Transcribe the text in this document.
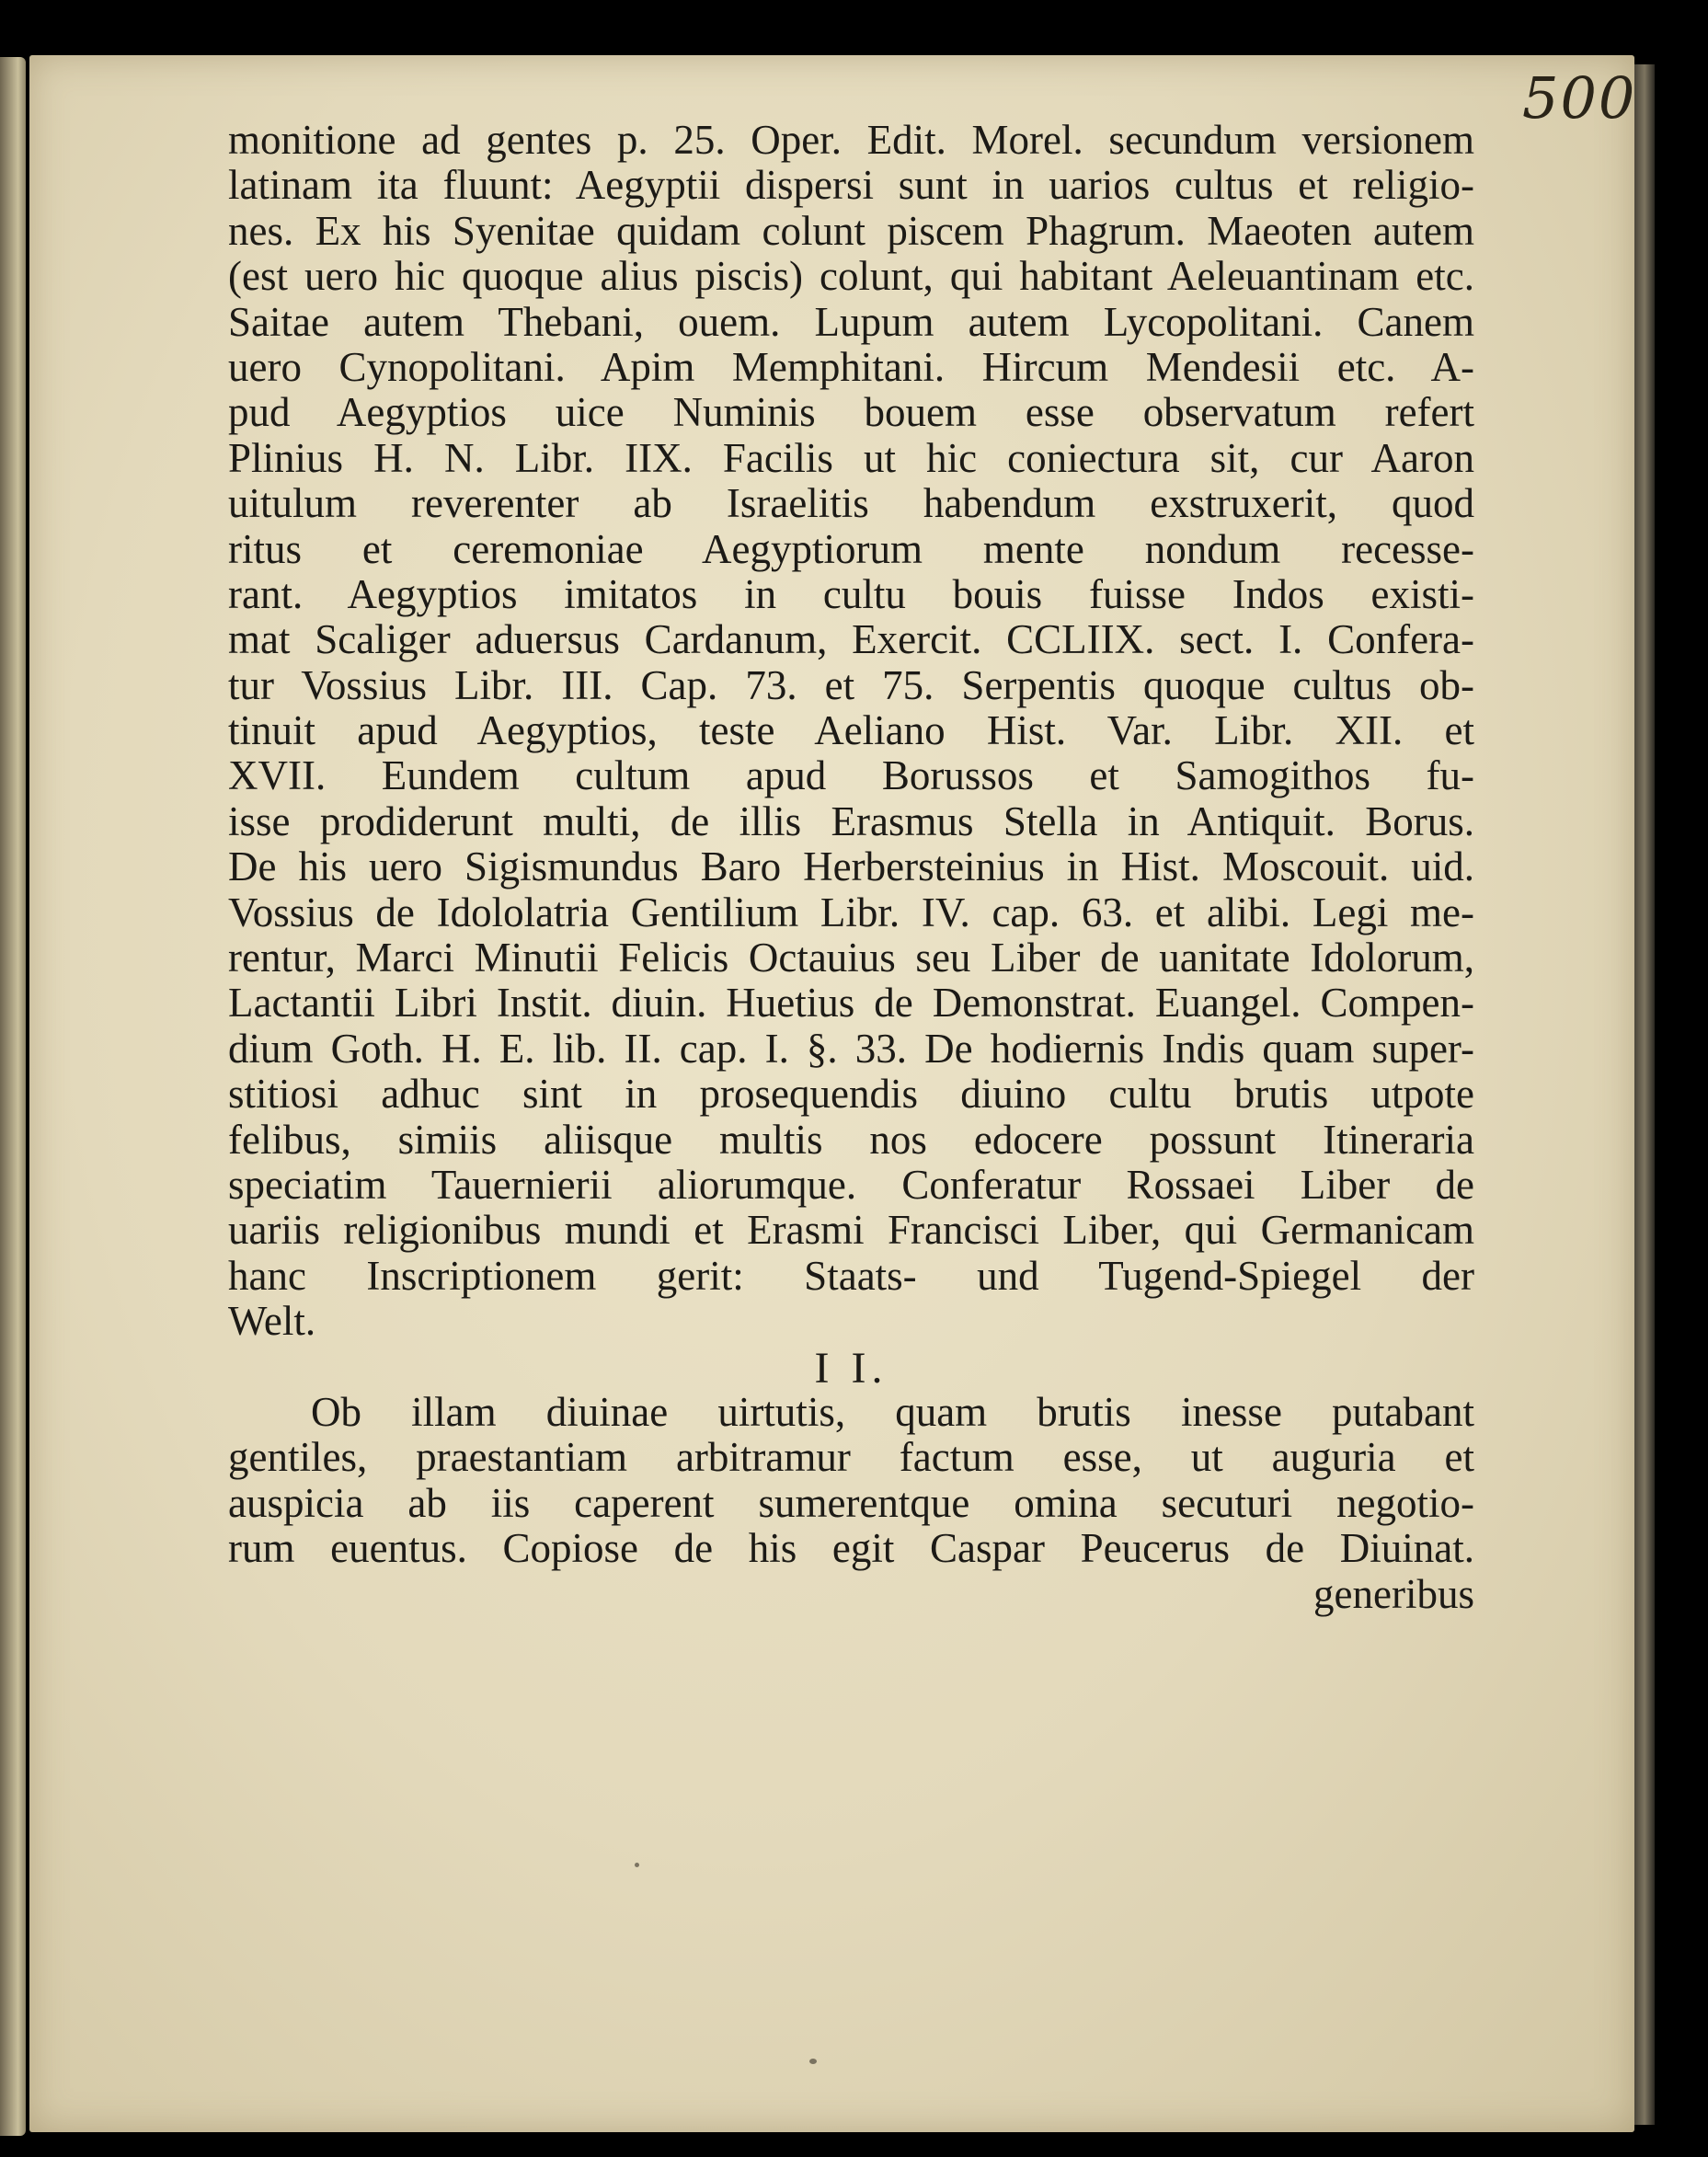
500
monitione ad gentes p. 25. Oper. Edit. Morel. secundum versionem
latinam ita fluunt: Aegyptii dispersi sunt in uarios cultus et religio-
nes. Ex his Syenitae quidam colunt piscem Phagrum. Maeoten autem
(est uero hic quoque alius piscis) colunt, qui habitant Aeleuantinam etc.
Saitae autem Thebani, ouem. Lupum autem Lycopolitani. Canem
uero Cynopolitani. Apim Memphitani. Hircum Mendesii etc. A-
pud Aegyptios uice Numinis bouem esse observatum refert
Plinius H. N. Libr. IIX. Facilis ut hic coniectura sit, cur Aaron
uitulum reverenter ab Israelitis habendum exstruxerit, quod
ritus et ceremoniae Aegyptiorum mente nondum recesse-
rant. Aegyptios imitatos in cultu bouis fuisse Indos existi-
mat Scaliger aduersus Cardanum, Exercit. CCLIIX. sect. I. Confera-
tur Vossius Libr. III. Cap. 73. et 75. Serpentis quoque cultus ob-
tinuit apud Aegyptios, teste Aeliano Hist. Var. Libr. XII. et
XVII. Eundem cultum apud Borussos et Samogithos fu-
isse prodiderunt multi, de illis Erasmus Stella in Antiquit. Borus.
De his uero Sigismundus Baro Herbersteinius in Hist. Moscouit. uid.
Vossius de Idololatria Gentilium Libr. IV. cap. 63. et alibi. Legi me-
rentur, Marci Minutii Felicis Octauius seu Liber de uanitate Idolorum,
Lactantii Libri Instit. diuin. Huetius de Demonstrat. Euangel. Compen-
dium Goth. H. E. lib. II. cap. I. §. 33. De hodiernis Indis quam super-
stitiosi adhuc sint in prosequendis diuino cultu brutis utpote
felibus, simiis aliisque multis nos edocere possunt Itineraria
speciatim Tauernierii aliorumque. Conferatur Rossaei Liber de
uariis religionibus mundi et Erasmi Francisci Liber, qui Germanicam
hanc Inscriptionem gerit: Staats- und Tugend-Spiegel der
Welt.
I I.
Ob illam diuinae uirtutis, quam brutis inesse putabant
gentiles, praestantiam arbitramur factum esse, ut auguria et
auspicia ab iis caperent sumerentque omina secuturi negotio-
rum euentus. Copiose de his egit Caspar Peucerus de Diuinat.
generibus
